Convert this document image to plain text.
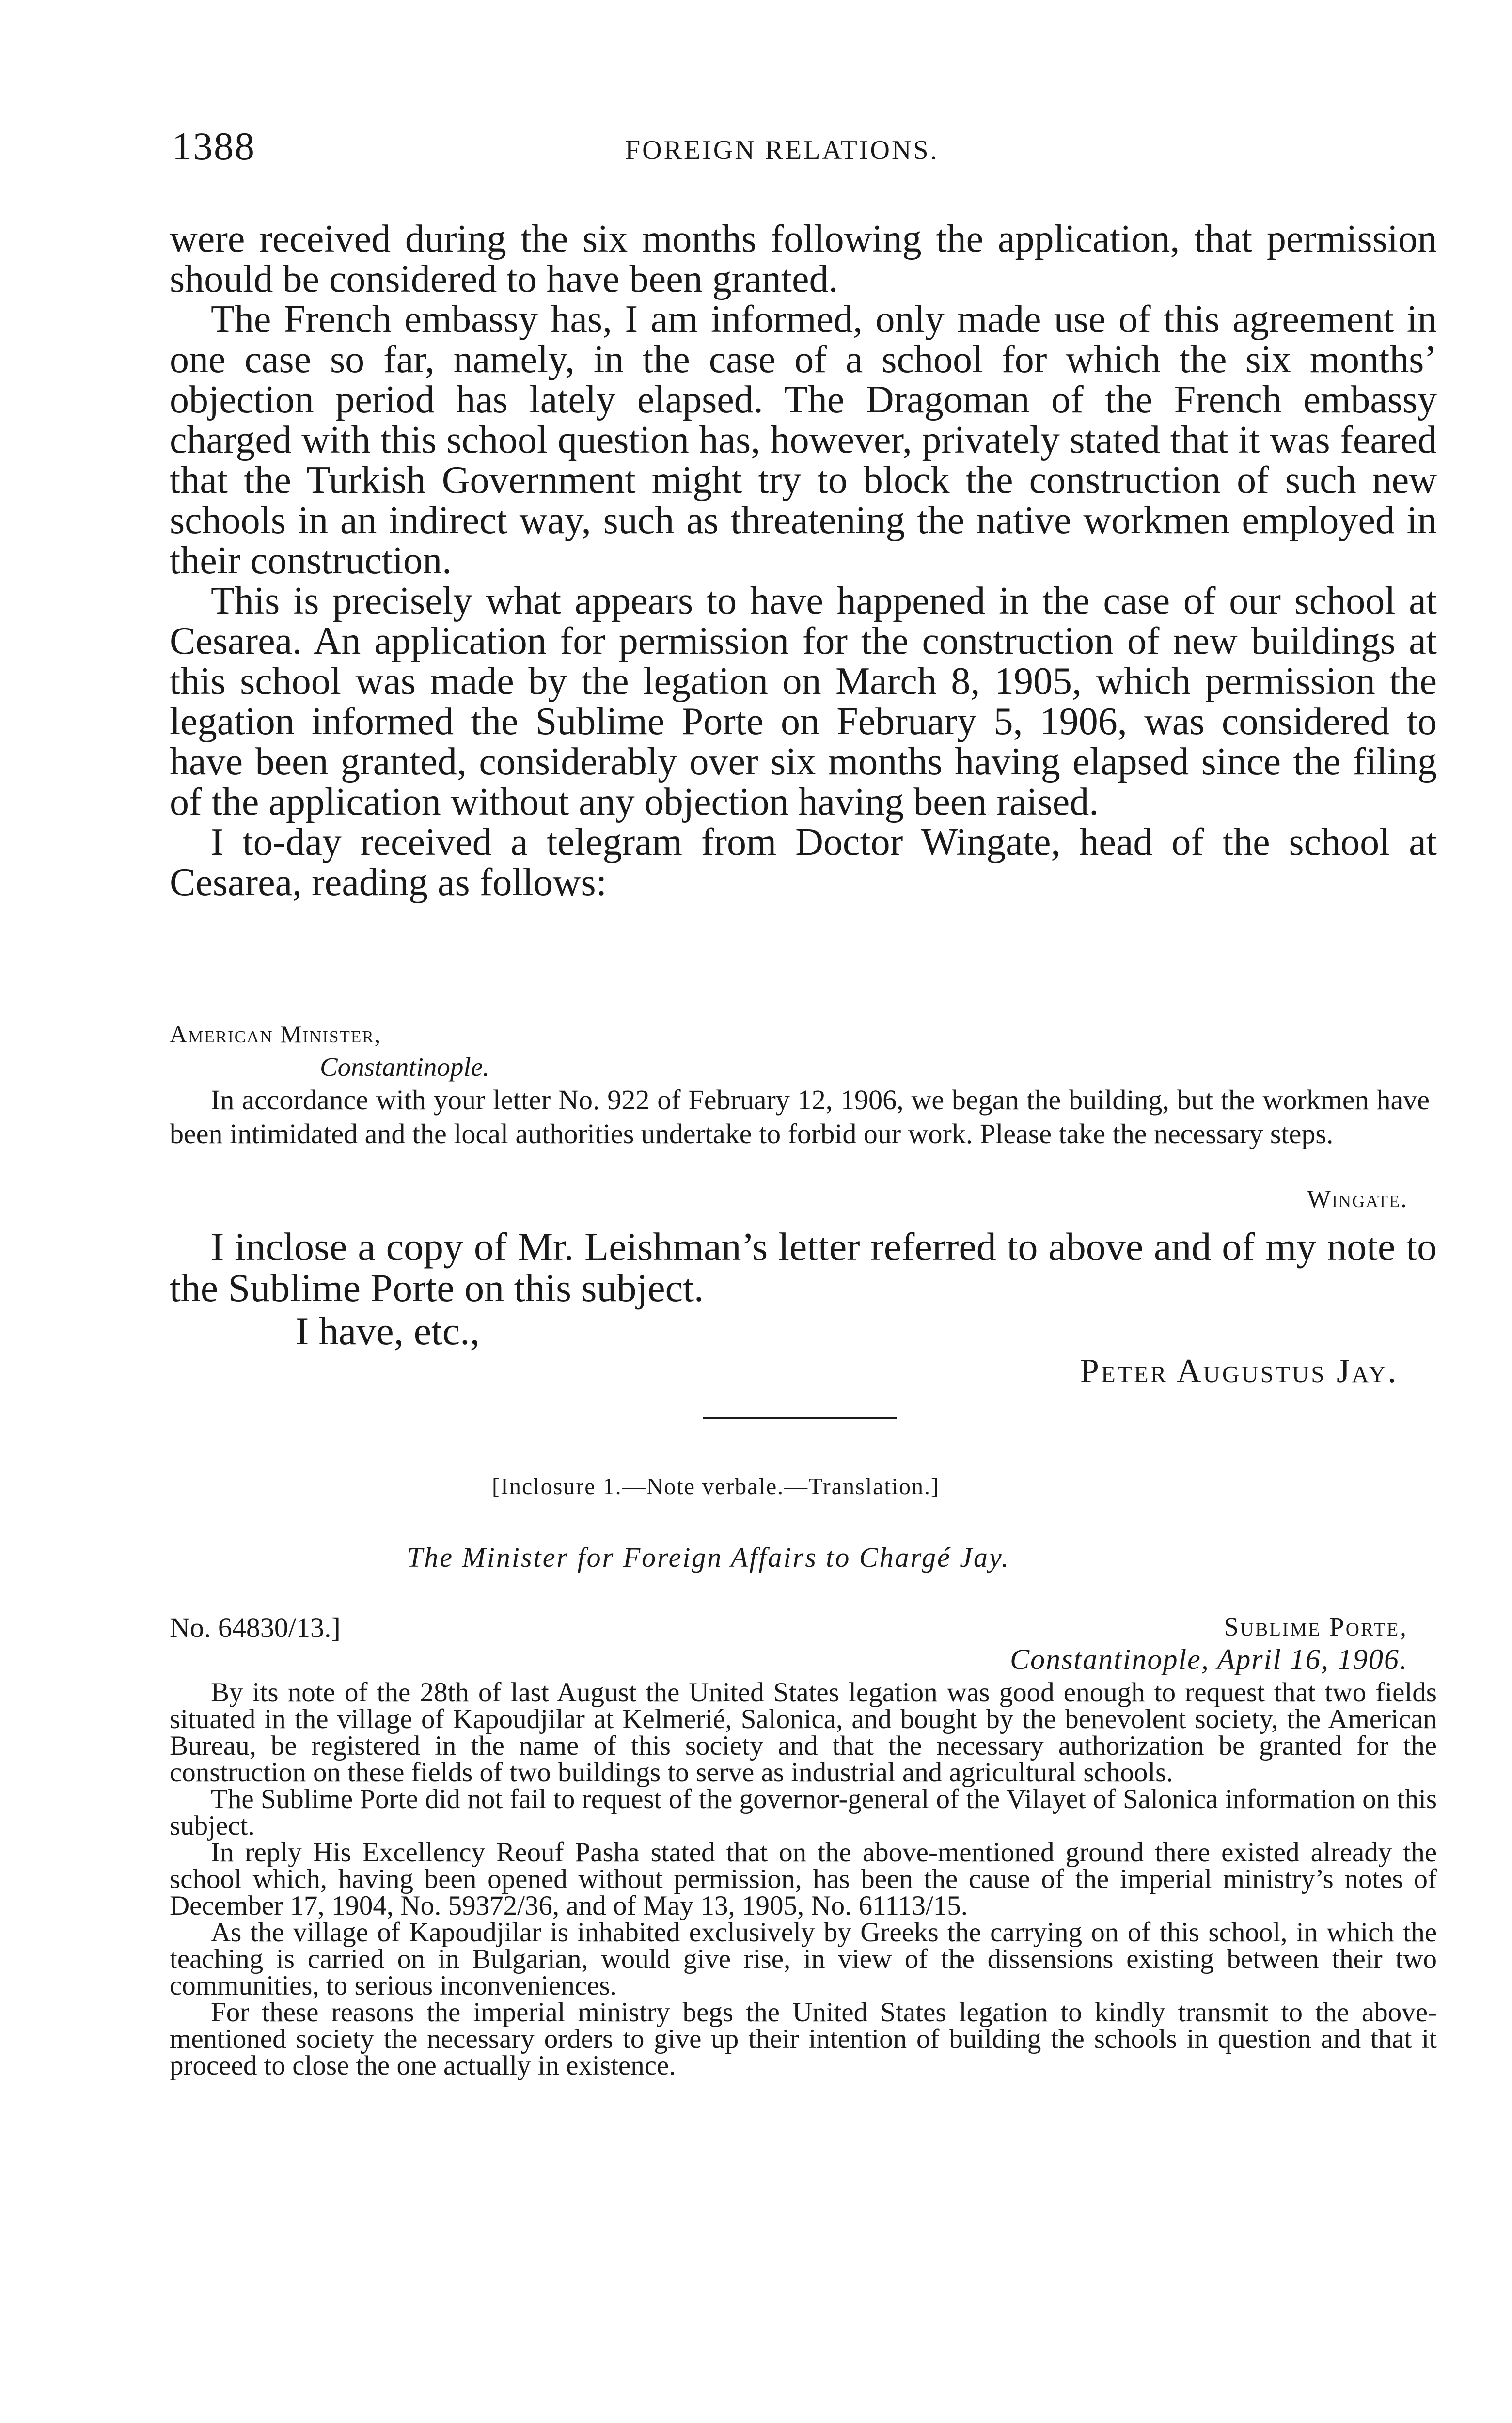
1388	FOREIGN RELATIONS.

were received during the six months following the application, that permission should be considered to have been granted.

The French embassy has, I am informed, only made use of this agreement in one case so far, namely, in the case of a school for which the six months’ objection period has lately elapsed. The Dragoman of the French embassy charged with this school question has, however, privately stated that it was feared that the Turkish Government might try to block the construction of such new schools in an indirect way, such as threatening the native workmen employed in their construction.

This is precisely what appears to have happened in the case of our school at Cesarea. An application for permission for the construction of new buildings at this school was made by the legation on March 8, 1905, which permission the legation informed the Sublime Porte on February 5, 1906, was considered to have been granted, considerably over six months having elapsed since the filing of the application without any objection having been raised.

I to-day received a telegram from Doctor Wingate, head of the school at Cesarea, reading as follows:

American Minister,
Constantinople.
In accordance with your letter No. 922 of February 12, 1906, we began the building, but the workmen have been intimidated and the local authorities undertake to forbid our work. Please take the necessary steps.
Wingate.

I inclose a copy of Mr. Leishman’s letter referred to above and of my note to the Sublime Porte on this subject.

I have, etc.,
Peter Augustus Jay.
[Inclosure 1.—Note verbale.—Translation.]
The Minister for Foreign Affairs to Chargé Jay.
No. 64830/13.]	Sublime Porte,
Constantinople, April 16, 1906.

By its note of the 28th of last August the United States legation was good enough to request that two fields situated in the village of Kapoudjilar at Kelmerié, Salonica, and bought by the benevolent society, the American Bureau, be registered in the name of this society and that the necessary authorization be granted for the construction on these fields of two buildings to serve as industrial and agricultural schools.

The Sublime Porte did not fail to request of the governor-general of the Vilayet of Salonica information on this subject.

In reply His Excellency Reouf Pasha stated that on the above-mentioned ground there existed already the school which, having been opened without permission, has been the cause of the imperial ministry’s notes of December 17, 1904, No. 59372/36, and of May 13, 1905, No. 61113/15.

As the village of Kapoudjilar is inhabited exclusively by Greeks the carrying on of this school, in which the teaching is carried on in Bulgarian, would give rise, in view of the dissensions existing between their two communities, to serious inconveniences.

For these reasons the imperial ministry begs the United States legation to kindly transmit to the above-mentioned society the necessary orders to give up their intention of building the schools in question and that it proceed to close the one actually in existence.
